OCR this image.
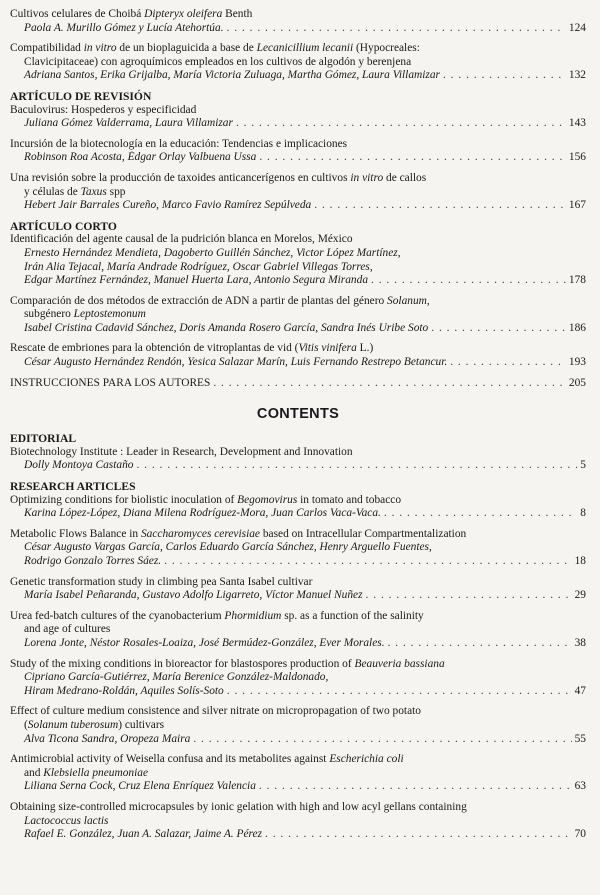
Cultivos celulares de Choibá Dipteryx oleifera Benth
Paola A. Murillo Gómez y Lucía Atehortúa. . . .	124
Compatibilidad in vitro de un bioplaguicida a base de Lecanicillium lecanii (Hypocreales:
Clavicipitaceae) con agroquímicos empleados en los cultivos de algodón y berenjena
Adriana Santos, Erika Grijalba, María Victoria Zuluaga, Martha Gómez, Laura Villamizar . . .	132
ARTÍCULO DE REVISIÓN
Baculovirus: Hospederos y especificidad
Juliana Gómez Valderrama, Laura Villamizar . . .	143
Incursión de la biotecnología en la educación: Tendencias e implicaciones
Robinson Roa Acosta, Édgar Orlay Valbuena Ussa . . .	156
Una revisión sobre la producción de taxoides anticancerígenos en cultivos in vitro de callos
y células de Taxus spp
Hebert Jair Barrales Cureño, Marco Favio Ramírez Sepúlveda . . .	167
ARTÍCULO CORTO
Identificación del agente causal de la pudrición blanca en Morelos, México
Ernesto Hernández Mendieta, Dagoberto Guillén Sánchez, Victor López Martínez,
Irán Alia Tejacal, María Andrade Rodríguez, Oscar Gabriel Villegas Torres,
Edgar Martínez Fernández, Manuel Huerta Lara, Antonio Segura Miranda . . .	178
Comparación de dos métodos de extracción de ADN a partir de plantas del género Solanum,
subgénero Leptostemonum
Isabel Cristina Cadavid Sánchez, Doris Amanda Rosero García, Sandra Inés Uribe Soto . . .	186
Rescate de embriones para la obtención de vitroplantas de vid (Vitis vinifera L.)
César Augusto Hernández Rendón, Yesica Salazar Marín, Luis Fernando Restrepo Betancur. . . .	193
INSTRUCCIONES PARA LOS AUTORES . . .	205
CONTENTS
EDITORIAL
Biotechnology Institute : Leader in Research, Development and Innovation
Dolly Montoya Castaño . . .	5
RESEARCH ARTICLES
Optimizing conditions for biolistic inoculation of Begomovirus in tomato and tobacco
Karina López-López, Diana Milena Rodríguez-Mora, Juan Carlos Vaca-Vaca. . . .	8
Metabolic Flows Balance in Saccharomyces cerevisiae based on Intracellular Compartmentalization
César Augusto Vargas García, Carlos Eduardo García Sánchez, Henry Arguello Fuentes,
Rodrigo Gonzalo Torres Sáez. . . .	18
Genetic transformation study in climbing pea Santa Isabel cultivar
María Isabel Peñaranda, Gustavo Adolfo Ligarreto, Víctor Manuel Nuñez . . .	29
Urea fed-batch cultures of the cyanobacterium Phormidium sp. as a function of the salinity
and age of cultures
Lorena Jonte, Néstor Rosales-Loaiza, José Bermúdez-González, Ever Morales. . . .	38
Study of the mixing conditions in bioreactor for blastospores production of Beauveria bassiana
Cipriano García-Gutiérrez, María Berenice González-Maldonado,
Hiram Medrano-Roldán, Aquiles Solís-Soto . . .	47
Effect of culture medium consistence and silver nitrate on micropropagation of two potato
(Solanum tuberosum) cultivars
Alva Ticona Sandra, Oropeza Maira . . .	55
Antimicrobial activity of Weisella confusa and its metabolites against Escherichia coli
and Klebsiella pneumoniae
Liliana Serna Cock, Cruz Elena Enríquez Valencia . . .	63
Obtaining size-controlled microcapsules by ionic gelation with high and low acyl gellans containing
Lactococcus lactis
Rafael E. González, Juan A. Salazar, Jaime A. Pérez . . .	70
